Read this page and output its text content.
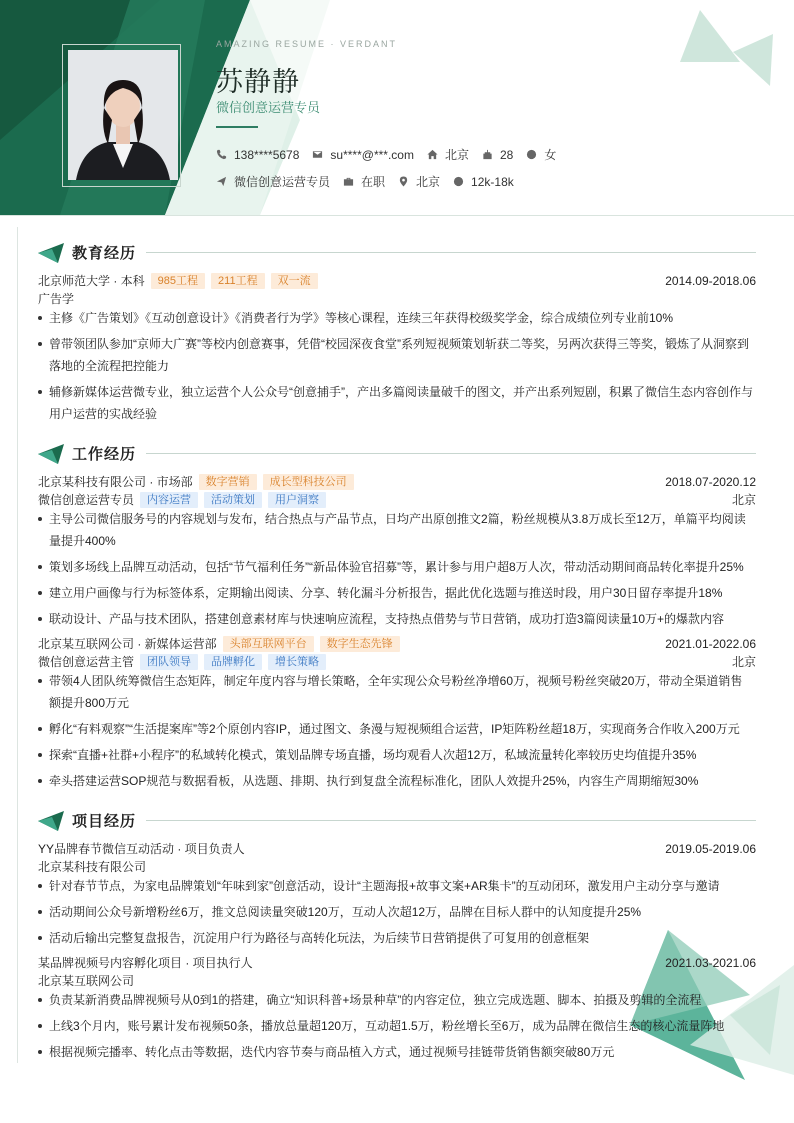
AMAZING RESUME · VERDANT
苏静静
微信创意运营专员
138****5678	su****@***.com	北京	28	女
微信创意运营专员	在职	北京	12k-18k
教育经历
北京师范大学 · 本科	985工程	211工程	双一流	2014.09-2018.06
广告学
主修《广告策划》《互动创意设计》《消费者行为学》等核心课程，连续三年获得校级奖学金，综合成绩位列专业前10%
曾带领团队参加“京师大广赛”等校内创意赛事，凭借“校园深夜食堂”系列短视频策划斩获二等奖，另两次获得三等奖，锻炼了从洞察到落地的全流程把控能力
辅修新媒体运营微专业，独立运营个人公众号“创意捕手”，产出多篇阅读量破千的图文，并产出系列短剧，积累了微信生态内容创作与用户运营的实战经验
工作经历
北京某科技有限公司 · 市场部	数字营销	成长型科技公司	2018.07-2020.12
微信创意运营专员	内容运营	活动策划	用户洞察	北京
主导公司微信服务号的内容规划与发布，结合热点与产品节点，日均产出原创推文2篇，粉丝规模从3.8万成长至12万，单篇平均阅读量提升400%
策划多场线上品牌互动活动，包括“节气福利任务”“新品体验官招募”等，累计参与用户超8万人次，带动活动期间商品转化率提升25%
建立用户画像与行为标签体系，定期输出阅读、分享、转化漏斗分析报告，据此优化选题与推送时段，用户30日留存率提升18%
联动设计、产品与技术团队，搭建创意素材库与快速响应流程，支持热点借势与节日营销，成功打造3篇阅读量10万+的爆款内容
北京某互联网公司 · 新媒体运营部	头部互联网平台	数字生态先锋	2021.01-2022.06
微信创意运营主管	团队领导	品牌孵化	增长策略	北京
带领4人团队统筹微信生态矩阵，制定年度内容与增长策略，全年实现公众号粉丝净增60万，视频号粉丝突破20万，带动全渠道销售额提升800万元
孵化“有料观察”“生活提案库”等2个原创内容IP，通过图文、条漫与短视频组合运营，IP矩阵粉丝超18万，实现商务合作收入200万元
探索“直播+社群+小程序”的私域转化模式，策划品牌专场直播，场均观看人次超12万，私域流量转化率较历史均值提升35%
牵头搭建运营SOP规范与数据看板，从选题、排期、执行到复盘全流程标准化，团队人效提升25%，内容生产周期缩短30%
项目经历
YY品牌春节微信互动活动 · 项目负责人	2019.05-2019.06
北京某科技有限公司
针对春节节点，为家电品牌策划“年味到家”创意活动，设计“主题海报+故事文案+AR集卡”的互动闭环，激发用户主动分享与邀请
活动期间公众号新增粉丝6万，推文总阅读量突破120万，互动人次超12万，品牌在目标人群中的认知度提升25%
活动后输出完整复盘报告，沉淀用户行为路径与高转化玩法，为后续节日营销提供了可复用的创意框架
某品牌视频号内容孵化项目 · 项目执行人	2021.03-2021.06
北京某互联网公司
负责某新消费品牌视频号从0到1的搭建，确立“知识科普+场景种草”的内容定位，独立完成选题、脚本、拍摄及剪辑的全流程
上线3个月内，账号累计发布视频50条，播放总量超120万，互动超1.5万，粉丝增长至6万，成为品牌在微信生态的核心流量阵地
根据视频完播率、转化点击等数据，迭代内容节奏与商品植入方式，通过视频号挂链带货销售额突破80万元
